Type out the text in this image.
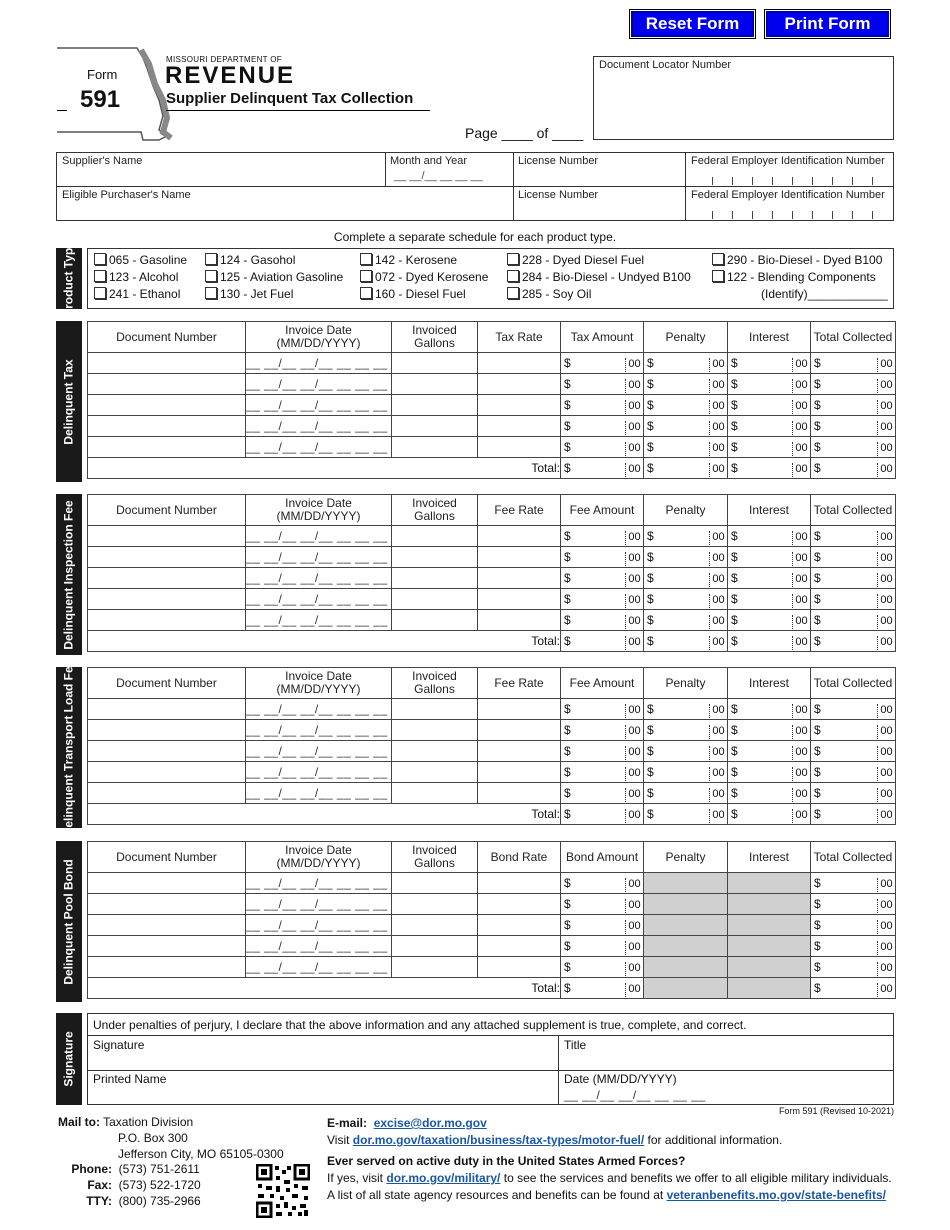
Reset Form	Print Form
Form
591
MISSOURI DEPARTMENT OF
REVENUE
Supplier Delinquent Tax Collection
Page ____ of ____
Document Locator Number
Supplier's Name	Month and Year
__ __/__ __ __ __
License Number	Federal Employer Identification Number
Eligible Purchaser's Name	License Number	Federal Employer Identification Number
Complete a separate schedule for each product type.
Product Type	065 - Gasoline
123 - Alcohol
241 - Ethanol
124 - Gasohol
125 - Aviation Gasoline
130 - Jet Fuel
142 - Kerosene
072 - Dyed Kerosene
160 - Diesel Fuel
228 - Dyed Diesel Fuel
284 - Bio-Diesel - Undyed B100
285 - Soy Oil
290 - Bio-Diesel - Dyed B100
122 - Blending Components
(Identify)____________
Delinquent Tax
Document Number	Invoice Date
(MM/DD/YYYY)	Invoiced Gallons	Tax Rate	Tax Amount	Penalty	Interest	Total Collected
	__ __/__ __/__ __ __ __			$ 00	$ 00	$ 00	$ 00

	__ __/__ __/__ __ __ __			$ 00	$ 00	$ 00	$ 00

	__ __/__ __/__ __ __ __			$ 00	$ 00	$ 00	$ 00

	__ __/__ __/__ __ __ __			$ 00	$ 00	$ 00	$ 00

	__ __/__ __/__ __ __ __			$ 00	$ 00	$ 00	$ 00

Total:				$ 00	$ 00	$ 00	$ 00
Delinquent Inspection Fee	Document Number	Invoice Date
(MM/DD/YYYY)	Invoiced Gallons	Fee Rate	Fee Amount	Penalty	Interest	Total Collected
	__ __/__ __/__ __ __ __			$ 00	$ 00	$ 00	$ 00

	__ __/__ __/__ __ __ __			$ 00	$ 00	$ 00	$ 00

	__ __/__ __/__ __ __ __			$ 00	$ 00	$ 00	$ 00

	__ __/__ __/__ __ __ __			$ 00	$ 00	$ 00	$ 00

	__ __/__ __/__ __ __ __			$ 00	$ 00	$ 00	$ 00

Total:				$ 00	$ 00	$ 00	$ 00
Delinquent Transport Load Fee	Document Number	Invoice Date
(MM/DD/YYYY)	Invoiced Gallons	Fee Rate	Fee Amount	Penalty	Interest	Total Collected
	__ __/__ __/__ __ __ __			$ 00	$ 00	$ 00	$ 00

	__ __/__ __/__ __ __ __			$ 00	$ 00	$ 00	$ 00

	__ __/__ __/__ __ __ __			$ 00	$ 00	$ 00	$ 00

	__ __/__ __/__ __ __ __			$ 00	$ 00	$ 00	$ 00

	__ __/__ __/__ __ __ __			$ 00	$ 00	$ 00	$ 00

Total:				$ 00	$ 00	$ 00	$ 00
Delinquent Pool Bond
Document Number	Invoice Date
(MM/DD/YYYY)	Invoiced Gallons	Bond Rate	Bond Amount	Penalty	Interest	Total Collected
	__ __/__ __/__ __ __ __			$ 00			$ 00

	__ __/__ __/__ __ __ __			$ 00			$ 00

	__ __/__ __/__ __ __ __			$ 00			$ 00

	__ __/__ __/__ __ __ __			$ 00			$ 00

	__ __/__ __/__ __ __ __			$ 00			$ 00

Total:				$ 00			$ 00
Signature
Under penalties of perjury, I declare that the above information and any attached supplement is true, complete, and correct.
Signature	Title
Printed Name	Date (MM/DD/YYYY)
__ __/__ __/__ __ __ __
Form 591 (Revised 10-2021)
Mail to: Taxation Division
P.O. Box 300
Jefferson City, MO 65105-0300
Phone: (573) 751-2611
Fax: (573) 522-1720
TTY: (800) 735-2966
E-mail: excise@dor.mo.gov
Visit dor.mo.gov/taxation/business/tax-types/motor-fuel/ for additional information.
Ever served on active duty in the United States Armed Forces?
If yes, visit dor.mo.gov/military/ to see the services and benefits we offer to all eligible military individuals.
A list of all state agency resources and benefits can be found at veteranbenefits.mo.gov/state-benefits/
